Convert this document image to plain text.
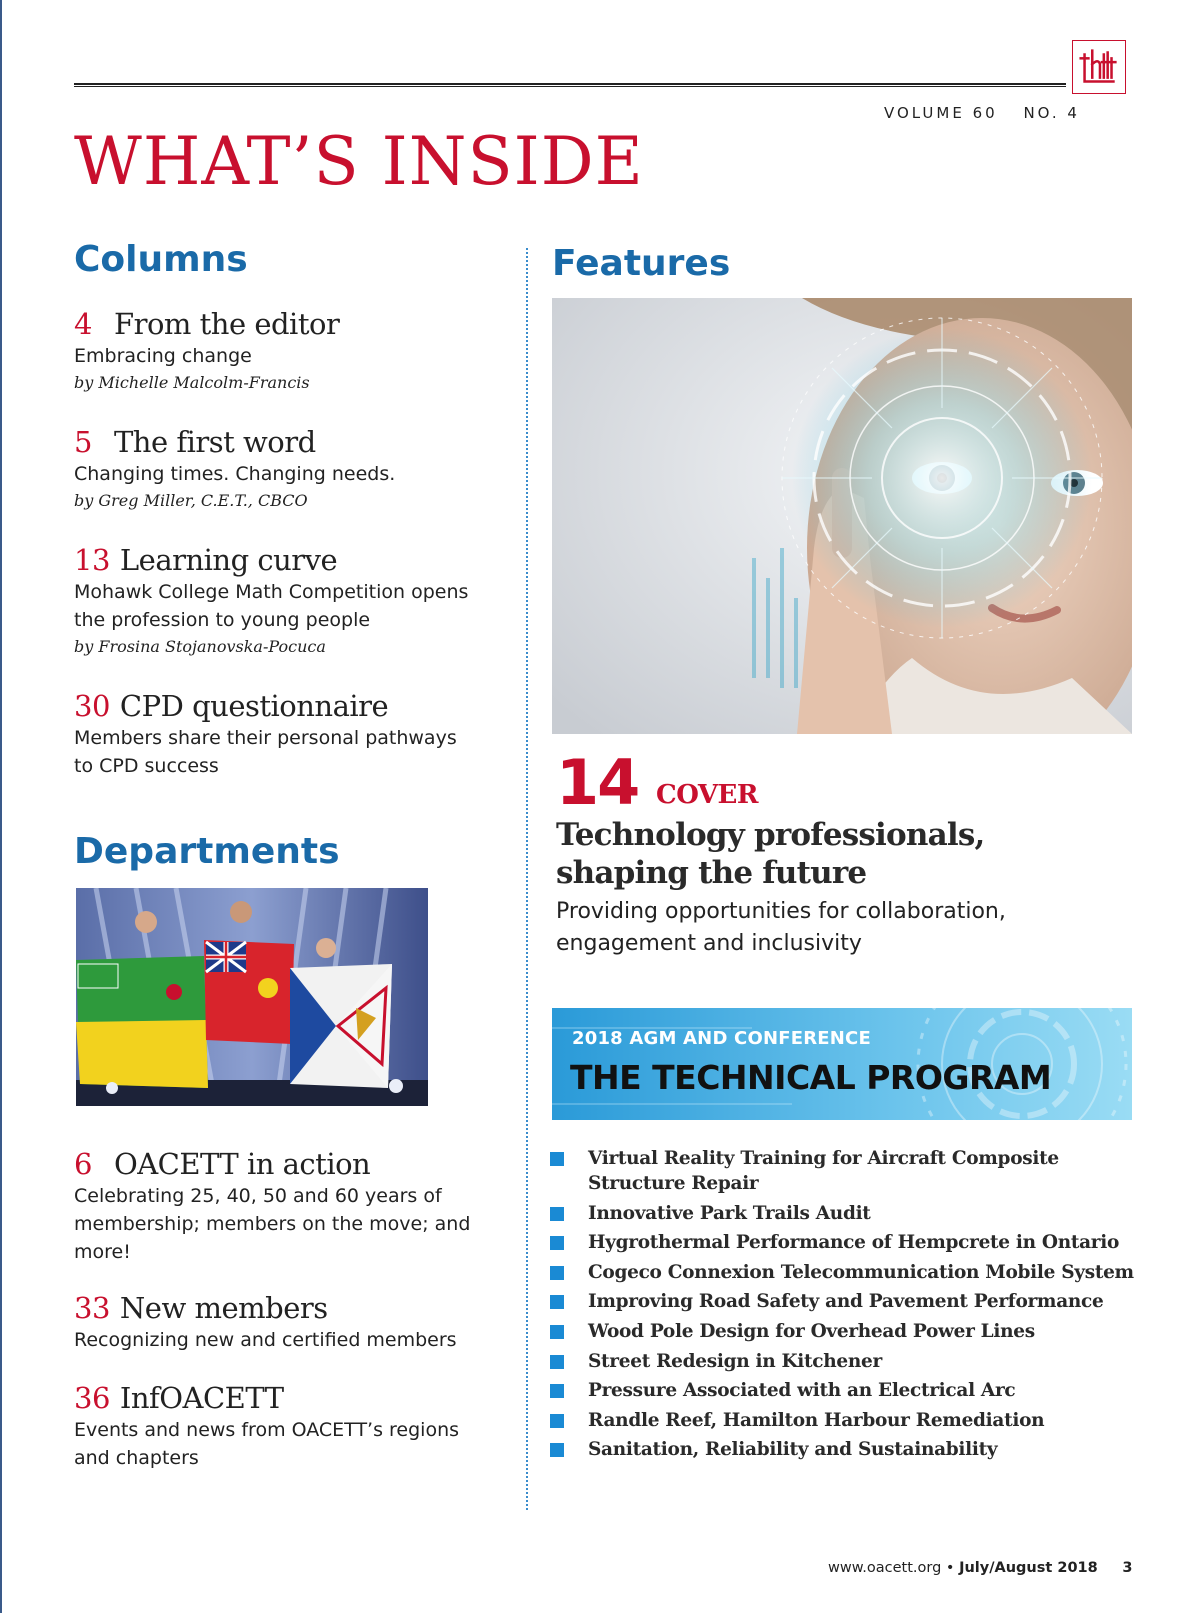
VOLUME 60 NO. 4
WHAT’S INSIDE
Columns
4 From the editor
Embracing change
by Michelle Malcolm-Francis
5 The first word
Changing times. Changing needs.
by Greg Miller, C.E.T., CBCO
13 Learning curve
Mohawk College Math Competition opens the profession to young people
by Frosina Stojanovska-Pocuca
30 CPD questionnaire
Members share their personal pathways to CPD success
Departments
6 OACETT in action
Celebrating 25, 40, 50 and 60 years of membership; members on the move; and more!
33 New members
Recognizing new and certified members
36 InfOACETT
Events and news from OACETT’s regions and chapters
Features
14 COVER
Technology professionals, shaping the future
Providing opportunities for collaboration, engagement and inclusivity
2018 AGM AND CONFERENCE
THE TECHNICAL PROGRAM
Virtual Reality Training for Aircraft Composite Structure Repair
Innovative Park Trails Audit
Hygrothermal Performance of Hempcrete in Ontario
Cogeco Connexion Telecommunication Mobile System
Improving Road Safety and Pavement Performance
Wood Pole Design for Overhead Power Lines
Street Redesign in Kitchener
Pressure Associated with an Electrical Arc
Randle Reef, Hamilton Harbour Remediation
Sanitation, Reliability and Sustainability
www.oacett.org • July/August 2018 3
